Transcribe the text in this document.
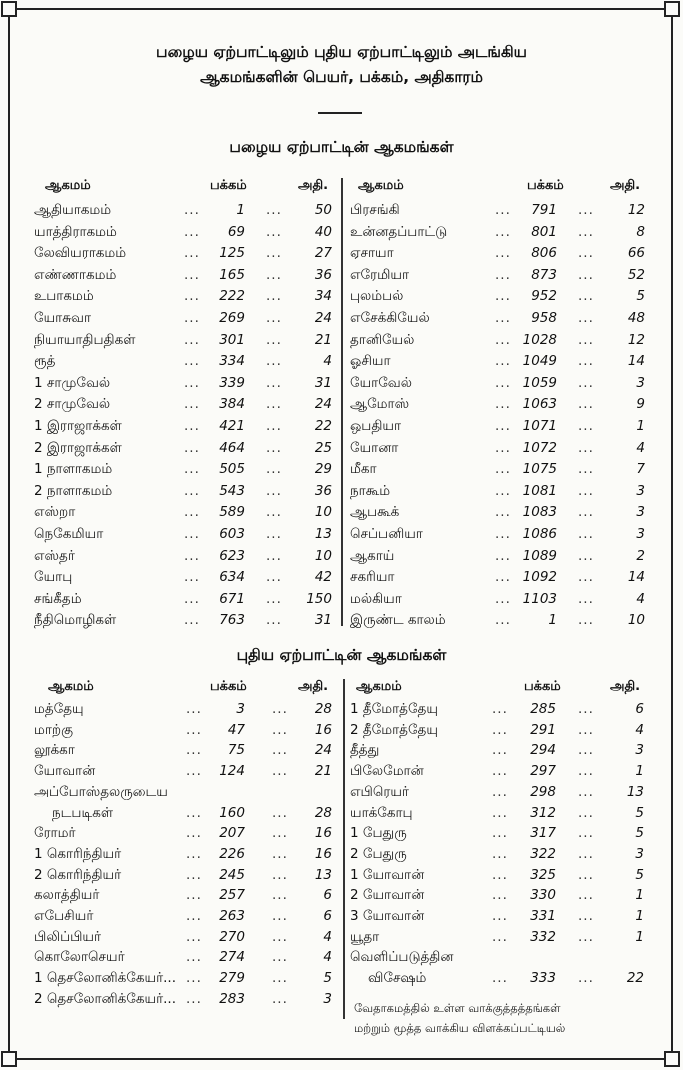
பழைய ஏற்பாட்டிலும் புதிய ஏற்பாட்டிலும் அடங்கிய
ஆகமங்களின் பெயர், பக்கம், அதிகாரம்
பழைய ஏற்பாட்டின் ஆகமங்கள்
ஆகமம்	பக்கம்	அதி. ஆகமம்	பக்கம்	அதி.
ஆதியாகமம்	...	1 ... 50
யாத்திராகமம்	... 69 ... 40
லேவியராகமம்	... 125 ... 27
எண்ணாகமம்	... 165 ... 36
உபாகமம்	... 222 ... 34
யோசுவா	... 269 ... 24
நியாயாதிபதிகள்	... 301 ... 21
ரூத்	... 334 ...	4
1 சாமுவேல்	... 339 ... 31
2 சாமுவேல்	... 384 ... 24
1 இராஜாக்கள்	... 421 ... 22
2 இராஜாக்கள்	... 464 ... 25
1 நாளாகமம்	... 505 ... 29
2 நாளாகமம்	... 543 ... 36
எஸ்றா	... 589 ... 10
நெகேமியா	... 603 ... 13
எஸ்தர்	... 623 ... 10
யோபு	... 634 ... 42
சங்கீதம்	... 671 ... 150
நீதிமொழிகள்	... 763 ... 31
பிரசங்கி	... 791 ...	12
உன்னதப்பாட்டு	... 801 ...	8
ஏசாயா	... 806 ...	66
எரேமியா	... 873 ...	52
புலம்பல்	... 952 ...	5
எசேக்கியேல்	... 958 ...	48
தானியேல்	... 1028 ...	12
ஓசியா	... 1049 ...	14
யோவேல்	... 1059 ...	3
ஆமோஸ்	... 1063 ...	9
ஒபதியா	... 1071 ...	1
யோனா	... 1072 ...	4
மீகா	... 1075 ...	7
நாகூம்	... 1081 ...	3
ஆபகூக்	... 1083 ...	3
செப்பனியா	... 1086 ...	3
ஆகாய்	... 1089 ...	2
சகரியா	... 1092 ...	14
மல்கியா	... 1103 ...	4
இருண்ட காலம்	...	1 ...	10
புதிய ஏற்பாட்டின் ஆகமங்கள்
ஆகமம்	பக்கம்	அதி. ஆகமம்	பக்கம்	அதி.
மத்தேயு	...	3 ... 28
மாற்கு	... 47 ... 16
லூக்கா	... 75 ... 24
யோவான்	... 124 ... 21
அப்போஸ்தலருடைய
நடபடிகள்	... 160 ... 28
ரோமர்	... 207 ... 16
1 கொரிந்தியர்	... 226 ... 16
2 கொரிந்தியர்	... 245 ... 13
கலாத்தியர்	... 257 ...	6
எபேசியர்	... 263 ...	6
பிலிப்பியர்	... 270 ...	4
கொலோசெயர்	... 274 ...	4
1 தெசலோனிக்கேயர்... ... 279 ...	5
2 தெசலோனிக்கேயர்... ... 283 ...	3
1 தீமோத்தேயு	... 285 ...	6
2 தீமோத்தேயு	... 291 ...	4
தீத்து	... 294 ...	3
பிலேமோன்	... 297 ...	1
எபிரெயர்	... 298 ... 13
யாக்கோபு	... 312 ...	5
1 பேதுரு	... 317 ...	5
2 பேதுரு	... 322 ...	3
1 யோவான்	... 325 ...	5
2 யோவான்	... 330 ...	1
3 யோவான்	... 331 ...	1
யூதா	... 332 ...	1
வெளிப்படுத்தின
விசேஷம்	... 333 ... 22
வேதாகமத்தில் உள்ள வாக்குத்தத்தங்கள்
மற்றும் மூத்த வாக்கிய விளக்கப்பட்டியல்
